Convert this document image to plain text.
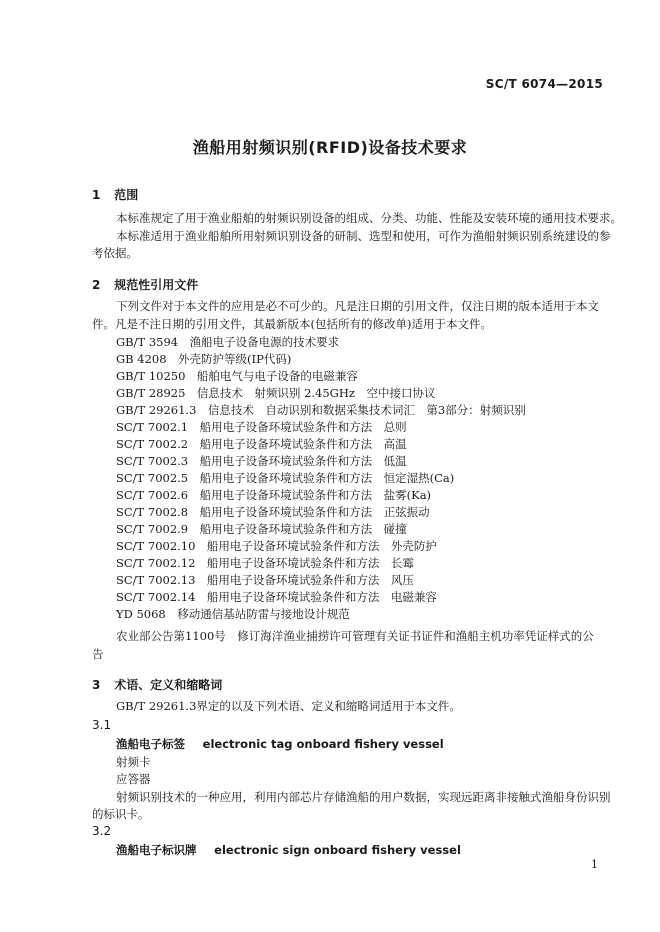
SC/T 6074—2015
渔船用射频识别(RFID)设备技术要求
1 范围
本标准规定了用于渔业船舶的射频识别设备的组成、分类、功能、性能及安装环境的通用技术要求。
本标准适用于渔业船舶所用射频识别设备的研制、选型和使用，可作为渔船射频识别系统建设的参
考依据。
2 规范性引用文件
下列文件对于本文件的应用是必不可少的。凡是注日期的引用文件，仅注日期的版本适用于本文
件。凡是不注日期的引用文件，其最新版本(包括所有的修改单)适用于本文件。
GB/T 3594　渔船电子设备电源的技术要求
GB 4208　外壳防护等级(IP代码)
GB/T 10250　船舶电气与电子设备的电磁兼容
GB/T 28925　信息技术　射频识别 2.45GHz　空中接口协议
GB/T 29261.3　信息技术　自动识别和数据采集技术词汇　第3部分：射频识别
SC/T 7002.1　船用电子设备环境试验条件和方法　总则
SC/T 7002.2　船用电子设备环境试验条件和方法　高温
SC/T 7002.3　船用电子设备环境试验条件和方法　低温
SC/T 7002.5　船用电子设备环境试验条件和方法　恒定湿热(Ca)
SC/T 7002.6　船用电子设备环境试验条件和方法　盐雾(Ka)
SC/T 7002.8　船用电子设备环境试验条件和方法　正弦振动
SC/T 7002.9　船用电子设备环境试验条件和方法　碰撞
SC/T 7002.10　船用电子设备环境试验条件和方法　外壳防护
SC/T 7002.12　船用电子设备环境试验条件和方法　长霉
SC/T 7002.13　船用电子设备环境试验条件和方法　风压
SC/T 7002.14　船用电子设备环境试验条件和方法　电磁兼容
YD 5068　移动通信基站防雷与接地设计规范
农业部公告第1100号　修订海洋渔业捕捞许可管理有关证书证件和渔船主机功率凭证样式的公
告
3 术语、定义和缩略词
GB/T 29261.3界定的以及下列术语、定义和缩略词适用于本文件。
3.1
渔船电子标签 electronic tag onboard fishery vessel
射频卡
应答器
射频识别技术的一种应用，利用内部芯片存储渔船的用户数据，实现远距离非接触式渔船身份识别
的标识卡。
3.2
渔船电子标识牌 electronic sign onboard fishery vessel
1
